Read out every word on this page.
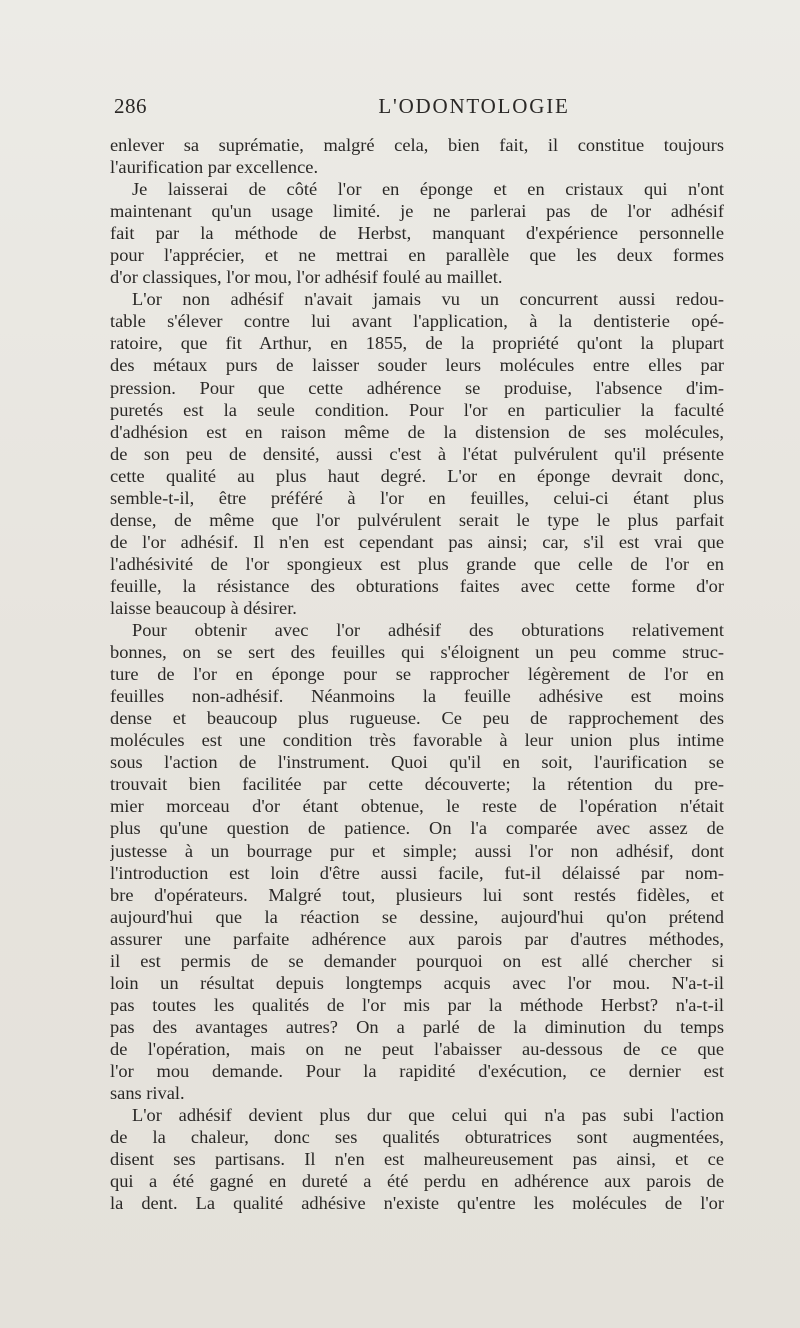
286	L'ODONTOLOGIE
enlever sa suprématie, malgré cela, bien fait, il constitue toujours
l'aurification par excellence.
Je laisserai de côté l'or en éponge et en cristaux qui n'ont
maintenant qu'un usage limité. je ne parlerai pas de l'or adhésif
fait par la méthode de Herbst, manquant d'expérience personnelle
pour l'apprécier, et ne mettrai en parallèle que les deux formes
d'or classiques, l'or mou, l'or adhésif foulé au maillet.
L'or non adhésif n'avait jamais vu un concurrent aussi redou-
table s'élever contre lui avant l'application, à la dentisterie opé-
ratoire, que fit Arthur, en 1855, de la propriété qu'ont la plupart
des métaux purs de laisser souder leurs molécules entre elles par
pression. Pour que cette adhérence se produise, l'absence d'im-
puretés est la seule condition. Pour l'or en particulier la faculté
d'adhésion est en raison même de la distension de ses molécules,
de son peu de densité, aussi c'est à l'état pulvérulent qu'il présente
cette qualité au plus haut degré. L'or en éponge devrait donc,
semble-t-il, être préféré à l'or en feuilles, celui-ci étant plus
dense, de même que l'or pulvérulent serait le type le plus parfait
de l'or adhésif. Il n'en est cependant pas ainsi; car, s'il est vrai que
l'adhésivité de l'or spongieux est plus grande que celle de l'or en
feuille, la résistance des obturations faites avec cette forme d'or
laisse beaucoup à désirer.
Pour obtenir avec l'or adhésif des obturations relativement
bonnes, on se sert des feuilles qui s'éloignent un peu comme struc-
ture de l'or en éponge pour se rapprocher légèrement de l'or en
feuilles non-adhésif. Néanmoins la feuille adhésive est moins
dense et beaucoup plus rugueuse. Ce peu de rapprochement des
molécules est une condition très favorable à leur union plus intime
sous l'action de l'instrument. Quoi qu'il en soit, l'aurification se
trouvait bien facilitée par cette découverte; la rétention du pre-
mier morceau d'or étant obtenue, le reste de l'opération n'était
plus qu'une question de patience. On l'a comparée avec assez de
justesse à un bourrage pur et simple; aussi l'or non adhésif, dont
l'introduction est loin d'être aussi facile, fut-il délaissé par nom-
bre d'opérateurs. Malgré tout, plusieurs lui sont restés fidèles, et
aujourd'hui que la réaction se dessine, aujourd'hui qu'on prétend
assurer une parfaite adhérence aux parois par d'autres méthodes,
il est permis de se demander pourquoi on est allé chercher si
loin un résultat depuis longtemps acquis avec l'or mou. N'a-t-il
pas toutes les qualités de l'or mis par la méthode Herbst? n'a-t-il
pas des avantages autres? On a parlé de la diminution du temps
de l'opération, mais on ne peut l'abaisser au-dessous de ce que
l'or mou demande. Pour la rapidité d'exécution, ce dernier est
sans rival.
L'or adhésif devient plus dur que celui qui n'a pas subi l'action
de la chaleur, donc ses qualités obturatrices sont augmentées,
disent ses partisans. Il n'en est malheureusement pas ainsi, et ce
qui a été gagné en dureté a été perdu en adhérence aux parois de
la dent. La qualité adhésive n'existe qu'entre les molécules de l'or
